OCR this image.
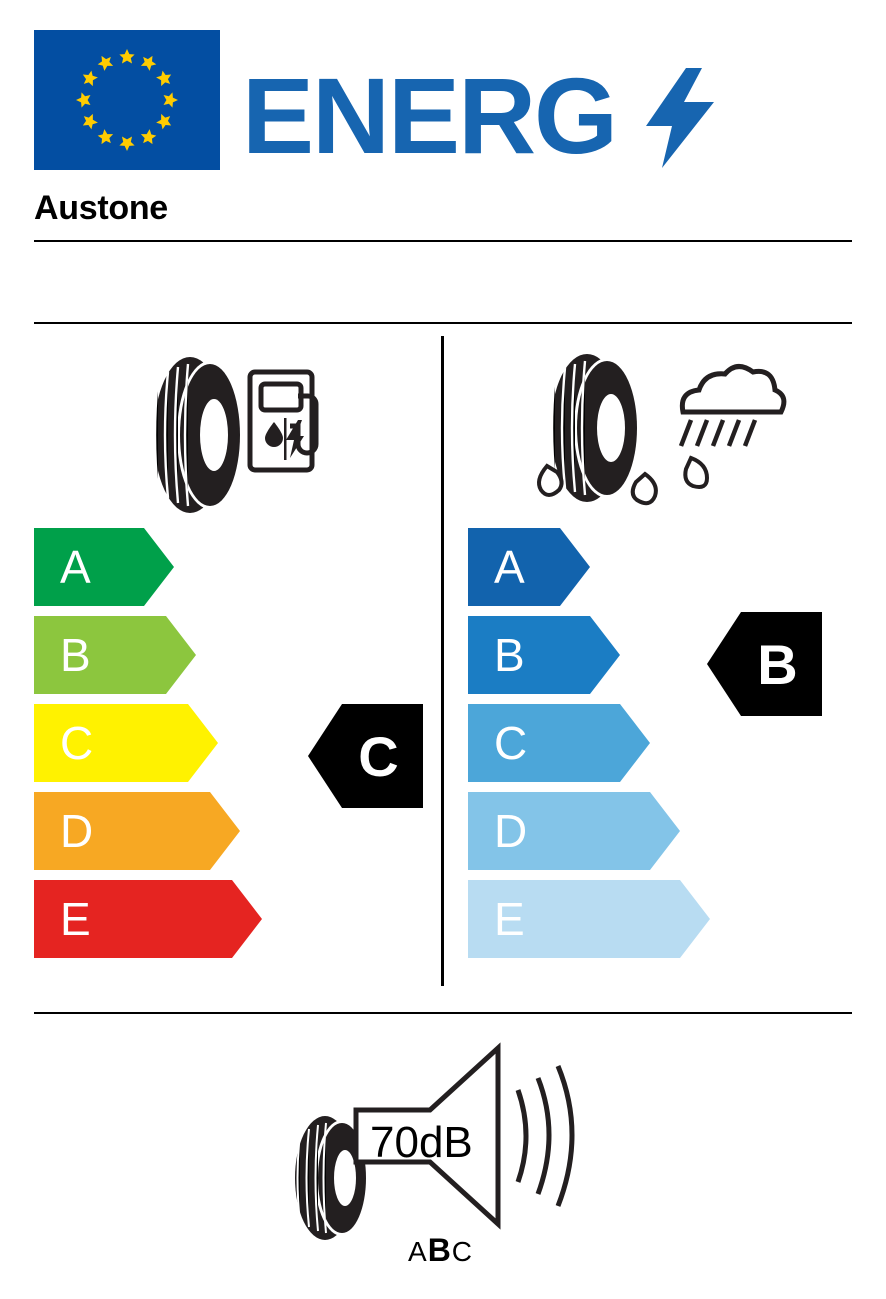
ENERG
Austone
A
B
C
D
E
C
A
B
C
D
E
B
70dB
ABC
